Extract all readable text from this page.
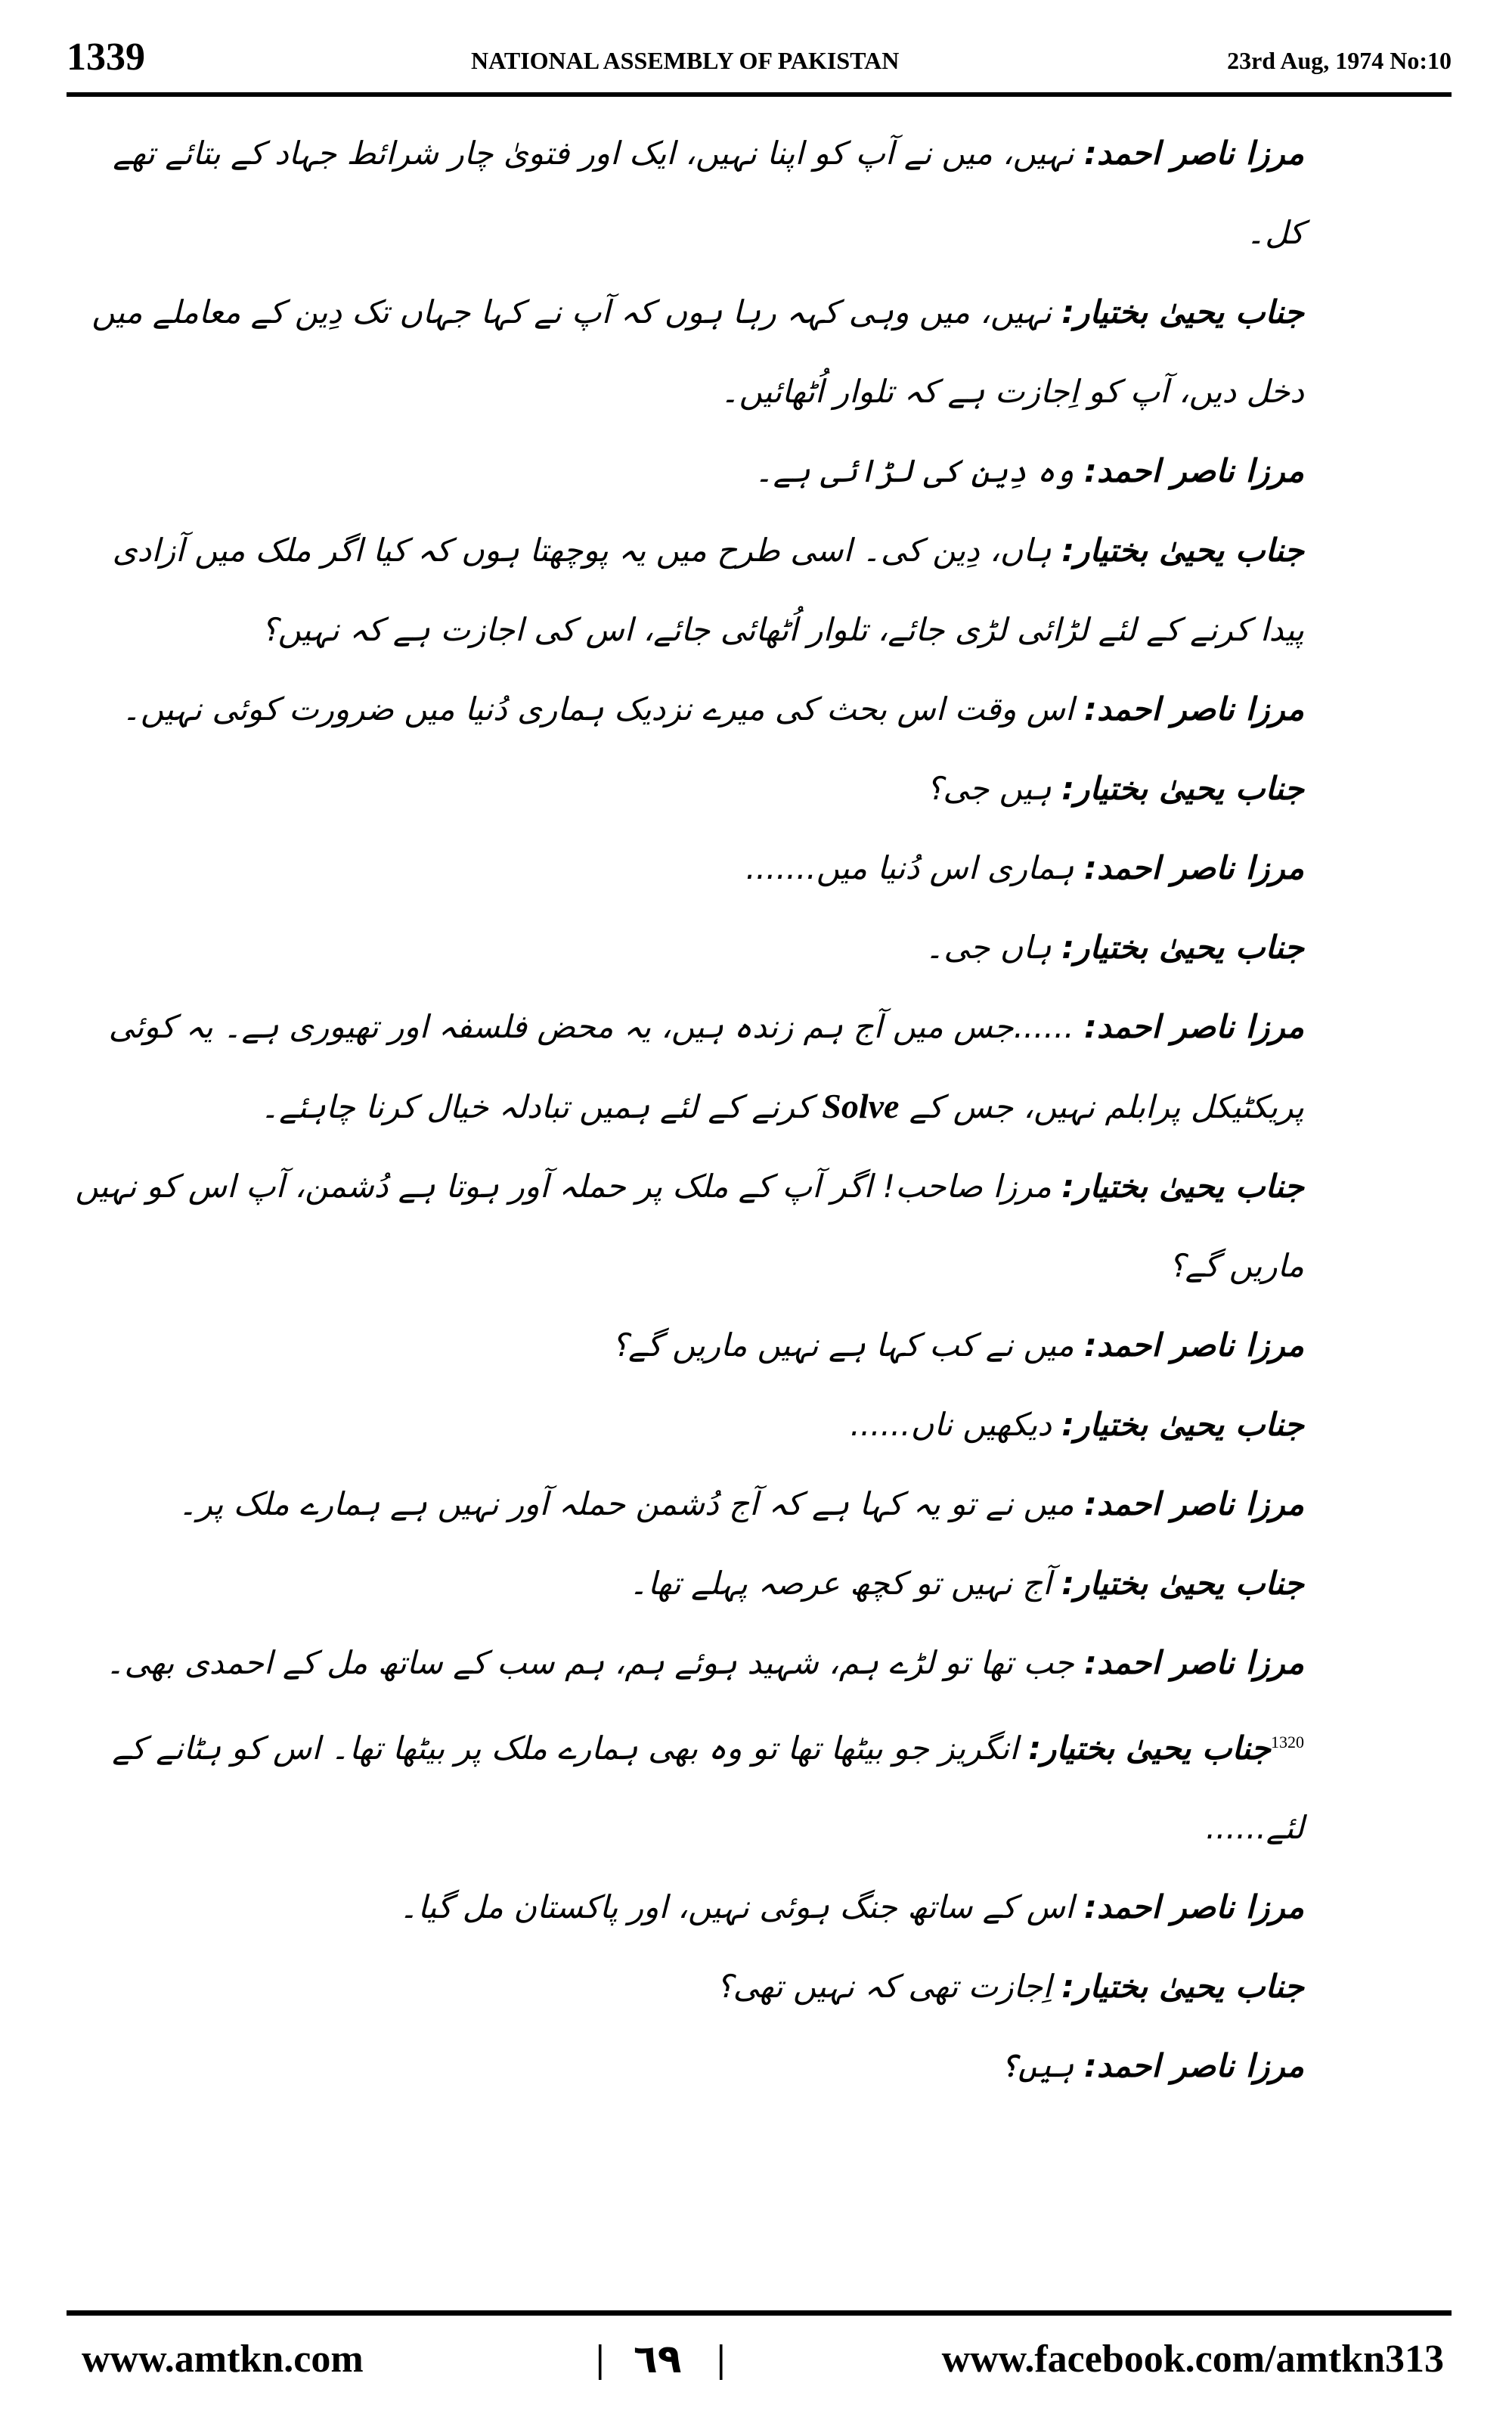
1339	NATIONAL ASSEMBLY OF PAKISTAN	23rd Aug, 1974 No:10

مرزا ناصر احمد: نہیں، میں نے آپ کو اپنا نہیں، ایک اور فتویٰ چار شرائط جہاد کے بتائے تھے کل۔

جناب یحییٰ بختیار: نہیں، میں وہی کہہ رہا ہوں کہ آپ نے کہا جہاں تک دِین کے معاملے میں دخل دیں، آپ کو اِجازت ہے کہ تلوار اُٹھائیں۔

مرزا ناصر احمد: وہ دِین کی لڑائی ہے۔

جناب یحییٰ بختیار: ہاں، دِین کی۔ اسی طرح میں یہ پوچھتا ہوں کہ کیا اگر ملک میں آزادی پیدا کرنے کے لئے لڑائی لڑی جائے، تلوار اُٹھائی جائے، اس کی اجازت ہے کہ نہیں؟

مرزا ناصر احمد: اس وقت اس بحث کی میرے نزدیک ہماری دُنیا میں ضرورت کوئی نہیں۔

جناب یحییٰ بختیار: ہیں جی؟

مرزا ناصر احمد: ہماری اس دُنیا میں.......

جناب یحییٰ بختیار: ہاں جی۔

مرزا ناصر احمد: ......جس میں آج ہم زندہ ہیں، یہ محض فلسفہ اور تھیوری ہے۔ یہ کوئی پریکٹیکل پرابلم نہیں، جس کے Solve کرنے کے لئے ہمیں تبادلہ خیال کرنا چاہئے۔

جناب یحییٰ بختیار: مرزا صاحب! اگر آپ کے ملک پر حملہ آور ہوتا ہے دُشمن، آپ اس کو نہیں ماریں گے؟

مرزا ناصر احمد: میں نے کب کہا ہے نہیں ماریں گے؟

جناب یحییٰ بختیار: دیکھیں ناں......

مرزا ناصر احمد: میں نے تو یہ کہا ہے کہ آج دُشمن حملہ آور نہیں ہے ہمارے ملک پر۔

جناب یحییٰ بختیار: آج نہیں تو کچھ عرصہ پہلے تھا۔

مرزا ناصر احمد: جب تھا تو لڑے ہم، شہید ہوئے ہم، ہم سب کے ساتھ مل کے احمدی بھی۔

$^{1320}$جناب یحییٰ بختیار: انگریز جو بیٹھا تھا تو وہ بھی ہمارے ملک پر بیٹھا تھا۔ اس کو ہٹانے کے لئے......

مرزا ناصر احمد: اس کے ساتھ جنگ ہوئی نہیں، اور پاکستان مل گیا۔

جناب یحییٰ بختیار: اِجازت تھی کہ نہیں تھی؟

مرزا ناصر احمد: ہیں؟

www.amtkn.com	| ٦٩ |	www.facebook.com/amtkn313
